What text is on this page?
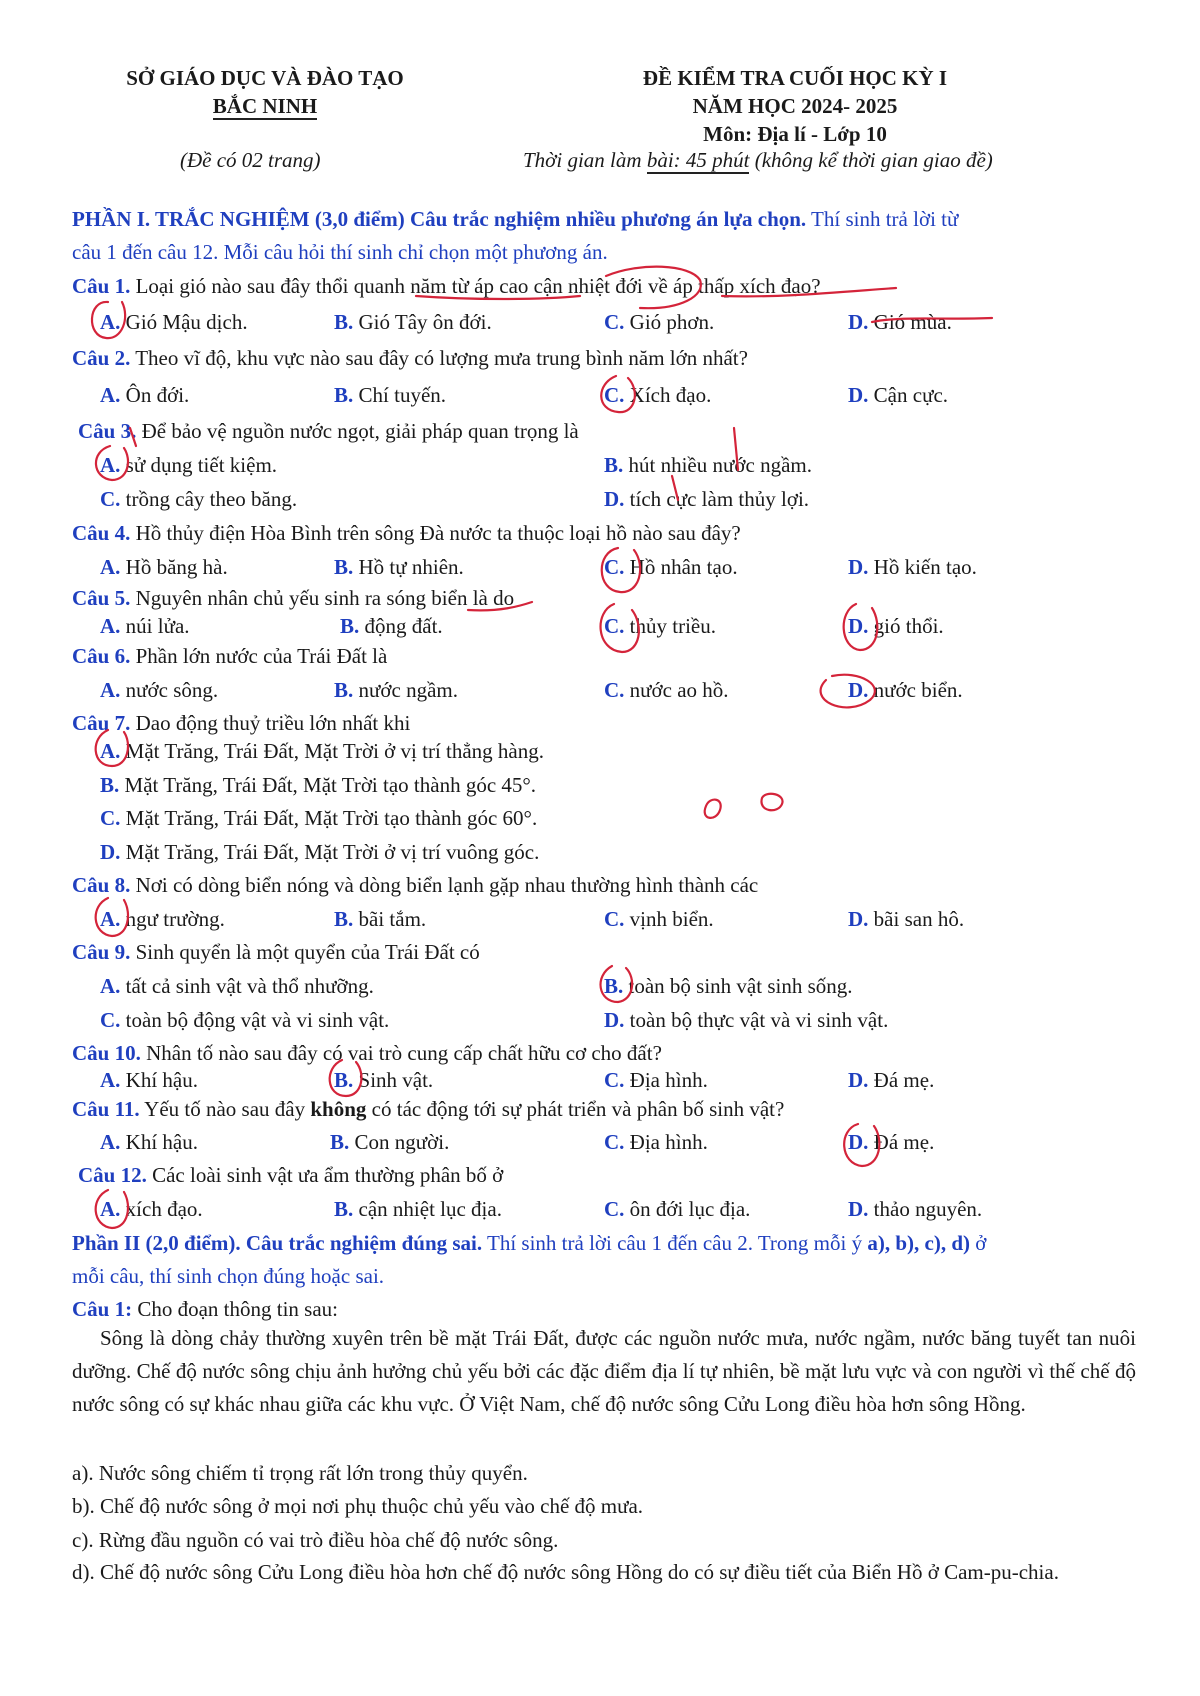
SỞ GIÁO DỤC VÀ ĐÀO TẠO
BẮC NINH
(Đề có 02 trang)
ĐỀ KIỂM TRA CUỐI HỌC KỲ I
NĂM HỌC 2024- 2025
Môn: Địa lí - Lớp 10
Thời gian làm bài: 45 phút (không kể thời gian giao đề)
PHẦN I. TRẮC NGHIỆM (3,0 điểm) Câu trắc nghiệm nhiều phương án lựa chọn. Thí sinh trả lời từ
câu 1 đến câu 12. Mỗi câu hỏi thí sinh chỉ chọn một phương án.
Câu 1. Loại gió nào sau đây thổi quanh năm từ áp cao cận nhiệt đới về áp thấp xích đạo?
A. Gió Mậu dịch.	B. Gió Tây ôn đới.	C. Gió phơn.	D. Gió mùa.
Câu 2. Theo vĩ độ, khu vực nào sau đây có lượng mưa trung bình năm lớn nhất?
A. Ôn đới.	B. Chí tuyến.	C. Xích đạo.	D. Cận cực.
Câu 3. Để bảo vệ nguồn nước ngọt, giải pháp quan trọng là
A. sử dụng tiết kiệm.	B. hút nhiều nước ngầm.
C. trồng cây theo băng.	D. tích cực làm thủy lợi.
Câu 4. Hồ thủy điện Hòa Bình trên sông Đà nước ta thuộc loại hồ nào sau đây?
A. Hồ băng hà.	B. Hồ tự nhiên.	C. Hồ nhân tạo.	D. Hồ kiến tạo.
Câu 5. Nguyên nhân chủ yếu sinh ra sóng biển là do
A. núi lửa.	B. động đất.	C. thủy triều.	D. gió thổi.
Câu 6. Phần lớn nước của Trái Đất là
A. nước sông.	B. nước ngầm.	C. nước ao hồ.	D. nước biển.
Câu 7. Dao động thuỷ triều lớn nhất khi
A. Mặt Trăng, Trái Đất, Mặt Trời ở vị trí thẳng hàng.
B. Mặt Trăng, Trái Đất, Mặt Trời tạo thành góc 45°.
C. Mặt Trăng, Trái Đất, Mặt Trời tạo thành góc 60°.
D. Mặt Trăng, Trái Đất, Mặt Trời ở vị trí vuông góc.
Câu 8. Nơi có dòng biển nóng và dòng biển lạnh gặp nhau thường hình thành các
A. ngư trường.	B. bãi tắm.	C. vịnh biển.	D. bãi san hô.
Câu 9. Sinh quyển là một quyển của Trái Đất có
A. tất cả sinh vật và thổ nhưỡng.	B. toàn bộ sinh vật sinh sống.
C. toàn bộ động vật và vi sinh vật.	D. toàn bộ thực vật và vi sinh vật.
Câu 10. Nhân tố nào sau đây có vai trò cung cấp chất hữu cơ cho đất?
A. Khí hậu.	B. Sinh vật.	C. Địa hình.	D. Đá mẹ.
Câu 11. Yếu tố nào sau đây không có tác động tới sự phát triển và phân bố sinh vật?
A. Khí hậu.	B. Con người.	C. Địa hình.	D. Đá mẹ.
Câu 12. Các loài sinh vật ưa ẩm thường phân bố ở
A. xích đạo.	B. cận nhiệt lục địa.	C. ôn đới lục địa.	D. thảo nguyên.
Phần II (2,0 điểm). Câu trắc nghiệm đúng sai. Thí sinh trả lời câu 1 đến câu 2. Trong mỗi ý a), b), c), d) ở
mỗi câu, thí sinh chọn đúng hoặc sai.
Câu 1: Cho đoạn thông tin sau:
Sông là dòng chảy thường xuyên trên bề mặt Trái Đất, được các nguồn nước mưa, nước ngầm, nước băng tuyết tan nuôi dưỡng. Chế độ nước sông chịu ảnh hưởng chủ yếu bởi các đặc điểm địa lí tự nhiên, bề mặt lưu vực và con người vì thế chế độ nước sông có sự khác nhau giữa các khu vực. Ở Việt Nam, chế độ nước sông Cửu Long điều hòa hơn sông Hồng.
a). Nước sông chiếm tỉ trọng rất lớn trong thủy quyển.
b). Chế độ nước sông ở mọi nơi phụ thuộc chủ yếu vào chế độ mưa.
c). Rừng đầu nguồn có vai trò điều hòa chế độ nước sông.
d). Chế độ nước sông Cửu Long điều hòa hơn chế độ nước sông Hồng do có sự điều tiết của Biển Hồ ở Cam-pu-chia.
